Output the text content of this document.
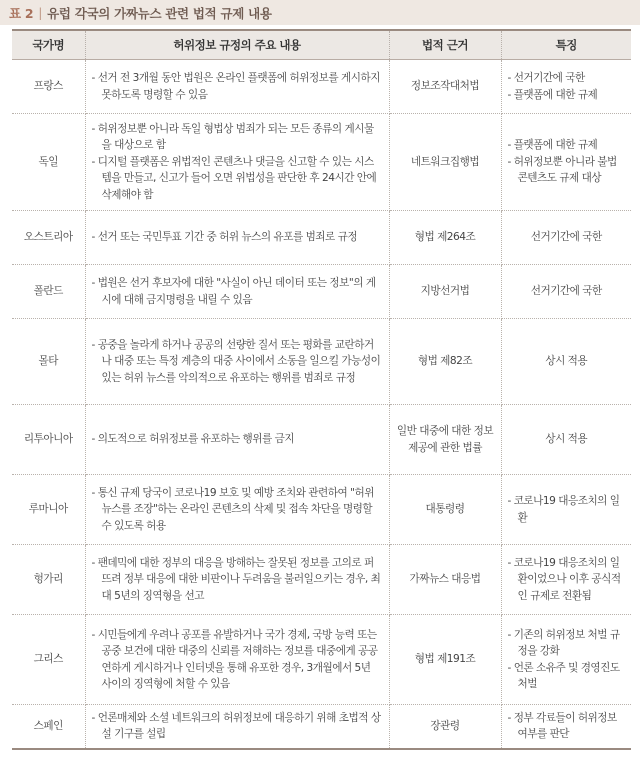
표 2 | 유럽 각국의 가짜뉴스 관련 법적 규제 내용
국가명	허위정보 규정의 주요 내용	법적 근거	특징
프랑스	- 선거 전 3개월 동안 법원은 온라인 플랫폼에 허위정보를 게시하지 못하도록 명령할 수 있음	정보조작대처법	- 선거기간에 국한
- 플랫폼에 대한 규제

독일	- 허위정보뿐 아니라 독일 형법상 범죄가 되는 모든 종류의 게시물을 대상으로 함
- 디지털 플랫폼은 위법적인 콘텐츠나 댓글을 신고할 수 있는 시스템을 만들고, 신고가 들어 오면 위법성을 판단한 후 24시간 안에 삭제해야 함	네트워크집행법	- 플랫폼에 대한 규제
- 허위정보뿐 아니라 불법콘텐츠도 규제 대상

오스트리아	- 선거 또는 국민투표 기간 중 허위 뉴스의 유포를 범죄로 규정	형법 제264조	선거기간에 국한
폴란드	- 법원은 선거 후보자에 대한 "사실이 아닌 데이터 또는 정보"의 게시에 대해 금지명령을 내릴 수 있음	지방선거법	선거기간에 국한
몰타	- 공중을 놀라게 하거나 공공의 선량한 질서 또는 평화를 교란하거나 대중 또는 특정 계층의 대중 사이에서 소동을 일으킬 가능성이 있는 허위 뉴스를 악의적으로 유포하는 행위를 범죄로 규정	형법 제82조	상시 적용
리투아니아	- 의도적으로 허위정보를 유포하는 행위를 금지	일반 대중에 대한 정보 제공에 관한 법률	상시 적용
루마니아	- 통신 규제 당국이 코로나19 보호 및 예방 조치와 관련하여 "허위 뉴스를 조장"하는 온라인 콘텐츠의 삭제 및 접속 차단을 명령할 수 있도록 허용	대통령령	- 코로나19 대응조치의 일환

헝가리	- 팬데믹에 대한 정부의 대응을 방해하는 잘못된 정보를 고의로 퍼뜨려 정부 대응에 대한 비판이나 두려움을 불러일으키는 경우, 최대 5년의 징역형을 선고	가짜뉴스 대응법	- 코로나19 대응조치의 일환이었으나 이후 공식적인 규제로 전환됨

그리스	- 시민들에게 우려나 공포를 유발하거나 국가 경제, 국방 능력 또는 공중 보건에 대한 대중의 신뢰를 저해하는 정보를 대중에게 공공연하게 게시하거나 인터넷을 통해 유포한 경우, 3개월에서 5년 사이의 징역형에 처할 수 있음	형법 제191조	- 기존의 허위정보 처벌 규정을 강화
- 언론 소유주 및 경영진도 처벌

스페인	- 언론매체와 소셜 네트워크의 허위정보에 대응하기 위해 초법적 상설 기구를 설립	장관령	- 정부 각료들이 허위정보 여부를 판단
